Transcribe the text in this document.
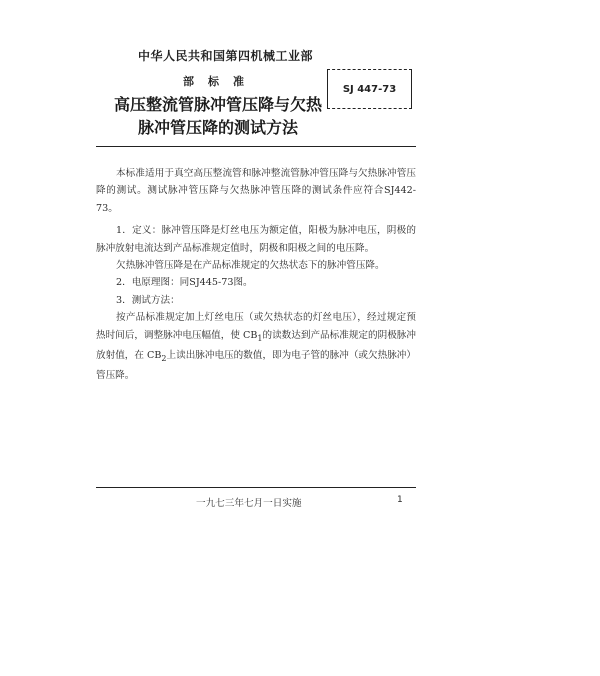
中华人民共和国第四机械工业部
部标准
SJ 447-73
高压整流管脉冲管压降与欠热
脉冲管压降的测试方法

本标准适用于真空高压整流管和脉冲整流管脉冲管压降与欠热脉冲管压降的测试。测试脉冲管压降与欠热脉冲管压降的测试条件应符合SJ442-73。

1．定义：脉冲管压降是灯丝电压为额定值，阳极为脉冲电压，阴极的脉冲放射电流达到产品标准规定值时，阴极和阳极之间的电压降。

欠热脉冲管压降是在产品标准规定的欠热状态下的脉冲管压降。

2．电原理图：同SJ445-73图。

3．测试方法：

按产品标准规定加上灯丝电压（或欠热状态的灯丝电压），经过规定预热时间后，调整脉冲电压幅值，使 $CB_1$的读数达到产品标准规定的阴极脉冲放射值，在 $CB_2$上读出脉冲电压的数值，即为电子管的脉冲（或欠热脉冲）管压降。

一九七三年七月一日实施	1
